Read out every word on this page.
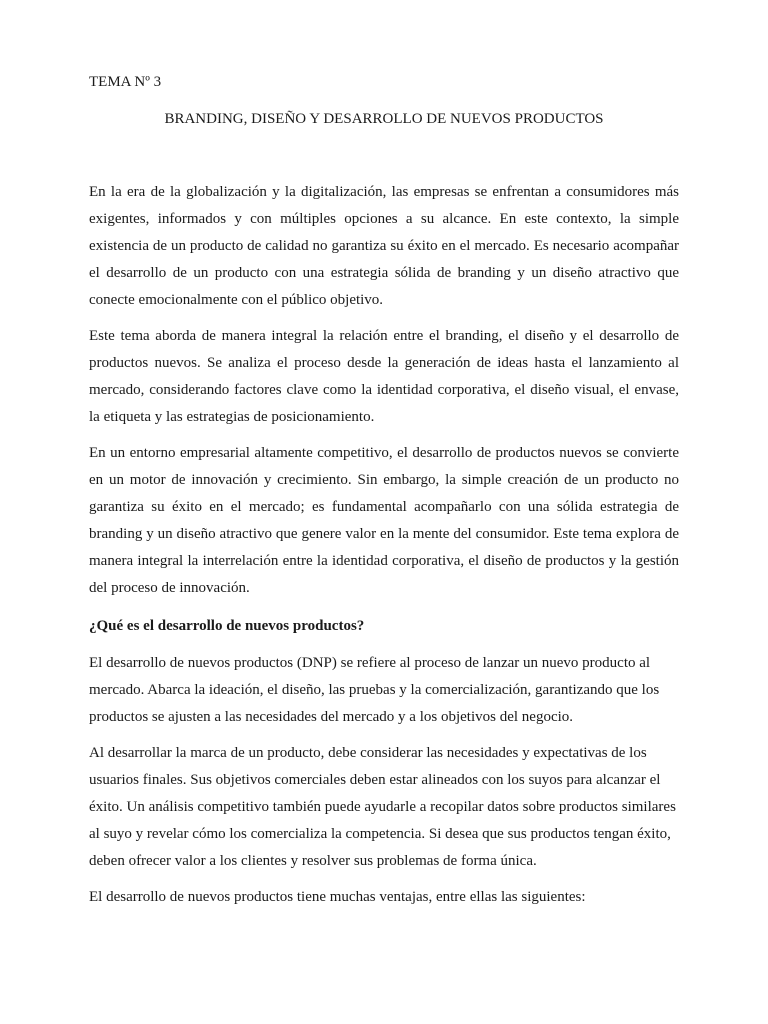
TEMA Nº 3

BRANDING, DISEÑO Y DESARROLLO DE NUEVOS PRODUCTOS

En la era de la globalización y la digitalización, las empresas se enfrentan a consumidores más exigentes, informados y con múltiples opciones a su alcance. En este contexto, la simple existencia de un producto de calidad no garantiza su éxito en el mercado. Es necesario acompañar el desarrollo de un producto con una estrategia sólida de branding y un diseño atractivo que conecte emocionalmente con el público objetivo.

Este tema aborda de manera integral la relación entre el branding, el diseño y el desarrollo de productos nuevos. Se analiza el proceso desde la generación de ideas hasta el lanzamiento al mercado, considerando factores clave como la identidad corporativa, el diseño visual, el envase, la etiqueta y las estrategias de posicionamiento.

En un entorno empresarial altamente competitivo, el desarrollo de productos nuevos se convierte en un motor de innovación y crecimiento. Sin embargo, la simple creación de un producto no garantiza su éxito en el mercado; es fundamental acompañarlo con una sólida estrategia de branding y un diseño atractivo que genere valor en la mente del consumidor. Este tema explora de manera integral la interrelación entre la identidad corporativa, el diseño de productos y la gestión del proceso de innovación.

¿Qué es el desarrollo de nuevos productos?

El desarrollo de nuevos productos (DNP) se refiere al proceso de lanzar un nuevo producto al mercado. Abarca la ideación, el diseño, las pruebas y la comercialización, garantizando que los productos se ajusten a las necesidades del mercado y a los objetivos del negocio.

Al desarrollar la marca de un producto, debe considerar las necesidades y expectativas de los usuarios finales. Sus objetivos comerciales deben estar alineados con los suyos para alcanzar el éxito. Un análisis competitivo también puede ayudarle a recopilar datos sobre productos similares al suyo y revelar cómo los comercializa la competencia. Si desea que sus productos tengan éxito, deben ofrecer valor a los clientes y resolver sus problemas de forma única.

El desarrollo de nuevos productos tiene muchas ventajas, entre ellas las siguientes:
